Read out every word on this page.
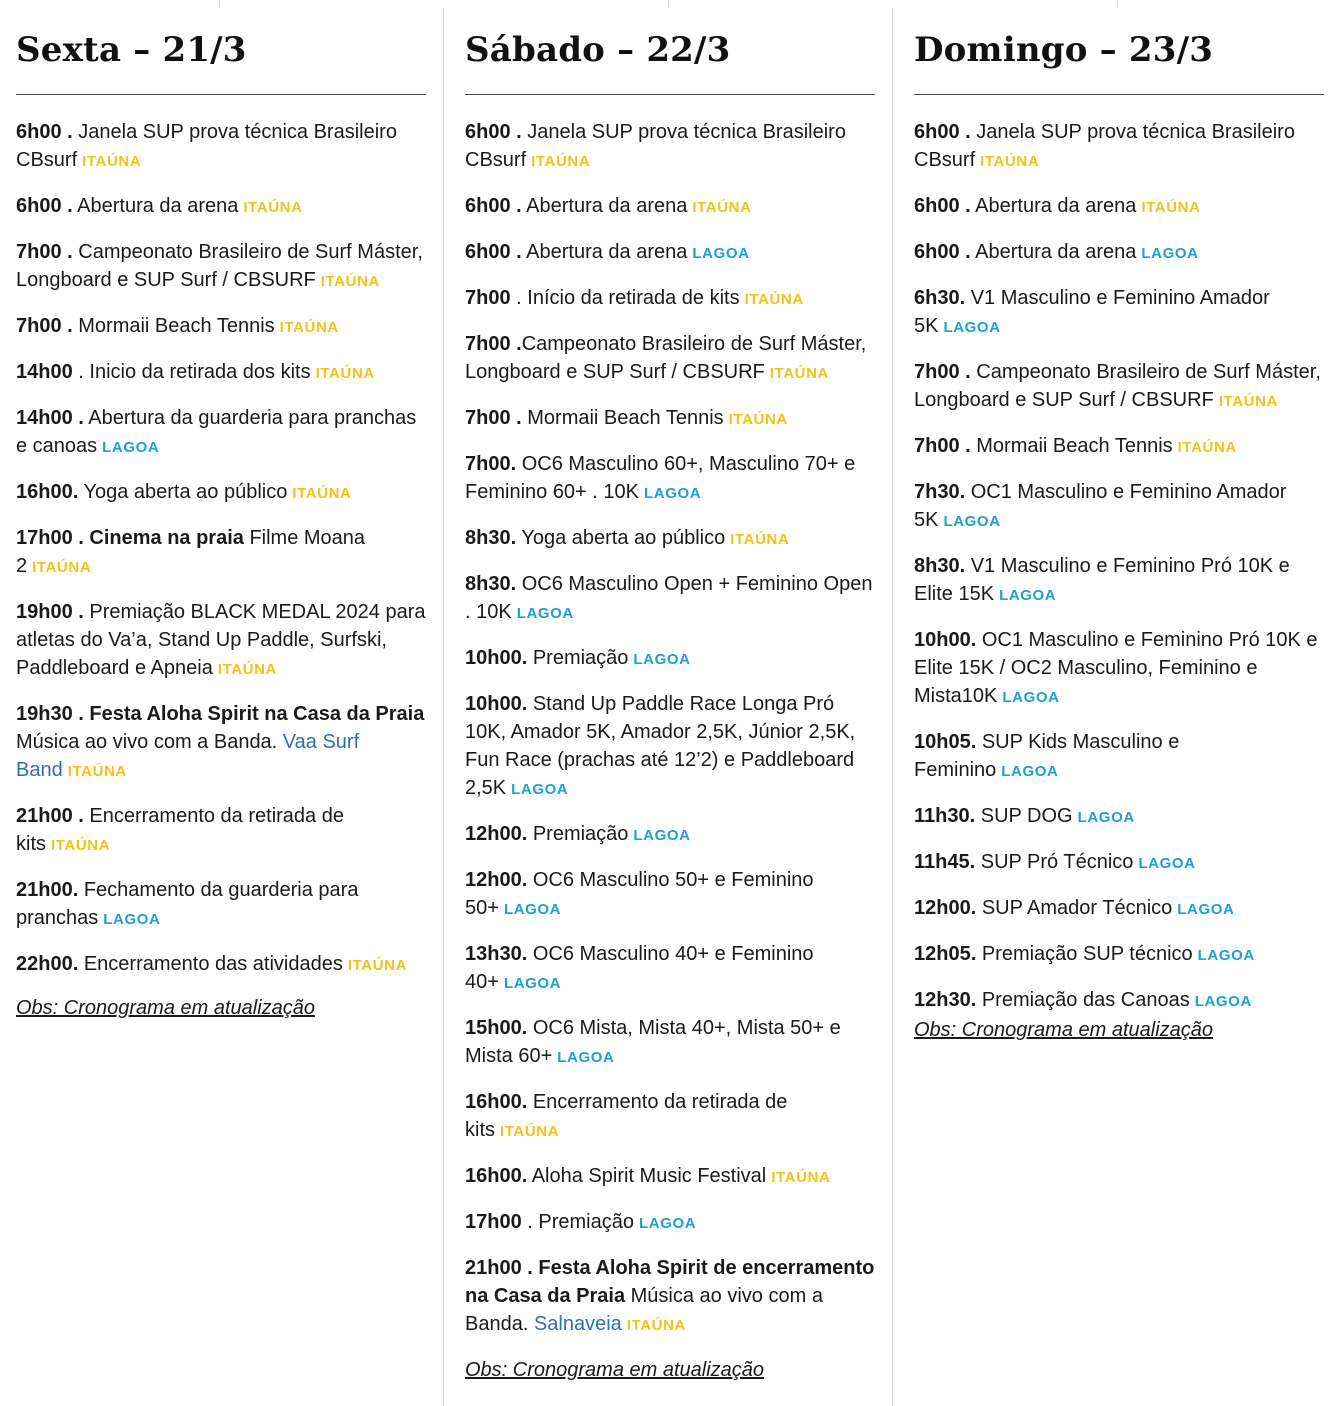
Sexta – 21/3

6h00 . Janela SUP prova técnica Brasileiro CBsurf ITAÚNA

6h00 . Abertura da arena ITAÚNA

7h00 . Campeonato Brasileiro de Surf Máster, Longboard e SUP Surf / CBSURF ITAÚNA

7h00 . Mormaii Beach Tennis ITAÚNA

14h00 . Inicio da retirada dos kits ITAÚNA

14h00 . Abertura da guarderia para pranchas e canoas LAGOA

16h00. Yoga aberta ao público ITAÚNA

17h00 . Cinema na praia Filme Moana 2 ITAÚNA

19h00 . Premiação BLACK MEDAL 2024 para atletas do Va’a, Stand Up Paddle, Surfski, Paddleboard e Apneia ITAÚNA

19h30 . Festa Aloha Spirit na Casa da Praia Música ao vivo com a Banda. Vaa Surf Band ITAÚNA

21h00 . Encerramento da retirada de kits ITAÚNA

21h00. Fechamento da guarderia para pranchas LAGOA

22h00. Encerramento das atividades ITAÚNA

Obs: Cronograma em atualização

Sábado – 22/3

6h00 . Janela SUP prova técnica Brasileiro CBsurf ITAÚNA

6h00 . Abertura da arena ITAÚNA

6h00 . Abertura da arena LAGOA

7h00 . Início da retirada de kits ITAÚNA

7h00 .Campeonato Brasileiro de Surf Máster, Longboard e SUP Surf / CBSURF ITAÚNA

7h00 . Mormaii Beach Tennis ITAÚNA

7h00. OC6 Masculino 60+, Masculino 70+ e Feminino 60+ . 10K LAGOA

8h30. Yoga aberta ao público ITAÚNA

8h30. OC6 Masculino Open + Feminino Open . 10K LAGOA

10h00. Premiação LAGOA

10h00. Stand Up Paddle Race Longa Pró 10K, Amador 5K, Amador 2,5K, Júnior 2,5K, Fun Race (prachas até 12’2) e Paddleboard 2,5K LAGOA

12h00. Premiação LAGOA

12h00. OC6 Masculino 50+ e Feminino 50+ LAGOA

13h30. OC6 Masculino 40+ e Feminino 40+ LAGOA

15h00. OC6 Mista, Mista 40+, Mista 50+ e Mista 60+ LAGOA

16h00. Encerramento da retirada de kits ITAÚNA

16h00. Aloha Spirit Music Festival ITAÚNA

17h00 . Premiação LAGOA

21h00 . Festa Aloha Spirit de encerramento na Casa da Praia Música ao vivo com a Banda. Salnaveia ITAÚNA

Obs: Cronograma em atualização

Domingo – 23/3

6h00 . Janela SUP prova técnica Brasileiro CBsurf ITAÚNA

6h00 . Abertura da arena ITAÚNA

6h00 . Abertura da arena LAGOA

6h30. V1 Masculino e Feminino Amador 5K LAGOA

7h00 . Campeonato Brasileiro de Surf Máster, Longboard e SUP Surf / CBSURF ITAÚNA

7h00 . Mormaii Beach Tennis ITAÚNA

7h30. OC1 Masculino e Feminino Amador 5K LAGOA

8h30. V1 Masculino e Feminino Pró 10K e Elite 15K LAGOA

10h00. OC1 Masculino e Feminino Pró 10K e Elite 15K / OC2 Masculino, Feminino e Mista10K LAGOA

10h05. SUP Kids Masculino e Feminino LAGOA

11h30. SUP DOG LAGOA

11h45. SUP Pró Técnico LAGOA

12h00. SUP Amador Técnico LAGOA

12h05. Premiação SUP técnico LAGOA

12h30. Premiação das Canoas LAGOA

Obs: Cronograma em atualização
